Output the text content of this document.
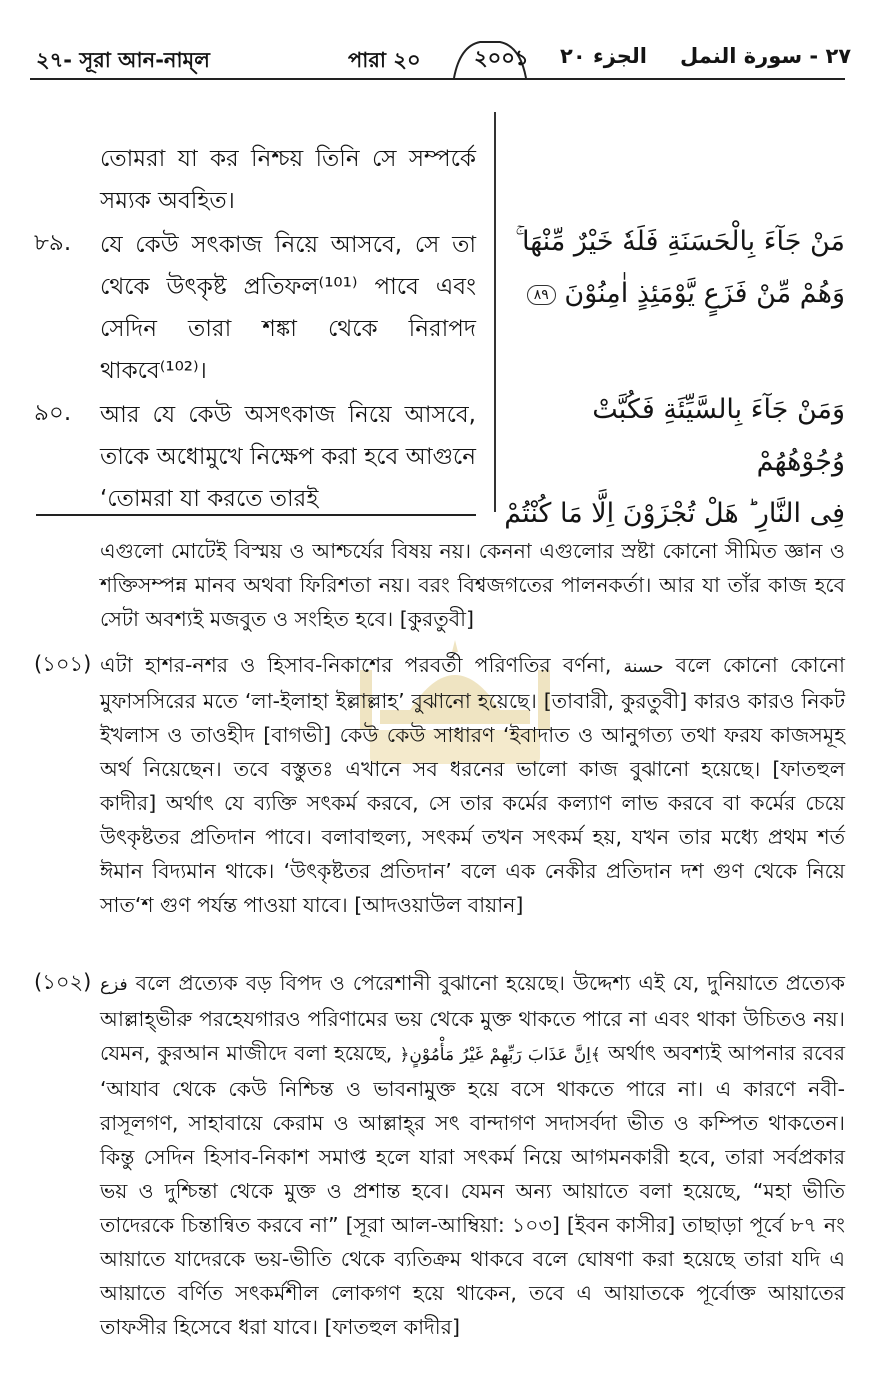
২৭- সূরা আন-নাম্‌ল	পারা ২০	২০০১ الجزء ٢٠ ٢٧ - سورة النمل
তোমরা যা কর নিশ্চয় তিনি সে সম্পর্কে সম্যক অবহিত।
৮৯. যে কেউ সৎকাজ নিয়ে আসবে, সে তা থেকে উৎকৃষ্ট প্রতিফল⁽¹⁰¹⁾ পাবে এবং সেদিন তারা শঙ্কা থেকে নিরাপদ থাকবে⁽¹⁰²⁾।
৯০. আর যে কেউ অসৎকাজ নিয়ে আসবে, তাকে অধোমুখে নিক্ষেপ করা হবে আগুনে ‘তোমরা যা করতে তারই
مَنْ جَآءَ بِالْحَسَنَةِ فَلَهٗ خَيْرٌ مِّنْهَا ۚ
وَهُمْ مِّنْ فَزَعٍ يَّوْمَئِذٍ اٰمِنُوْنَ ٨٩
وَمَنْ جَآءَ بِالسَّيِّئَةِ فَكُبَّتْ وُجُوْهُهُمْ
فِى النَّارِ ؕ هَلْ تُجْزَوْنَ اِلَّا مَا كُنْتُمْ
এগুলো মোটেই বিস্ময় ও আশ্চর্যের বিষয় নয়। কেননা এগুলোর স্রষ্টা কোনো সীমিত জ্ঞান ও শক্তিসম্পন্ন মানব অথবা ফিরিশতা নয়। বরং বিশ্বজগতের পালনকর্তা। আর যা তাঁর কাজ হবে সেটা অবশ্যই মজবুত ও সংহিত হবে। [কুরতুবী]
(১০১) এটা হাশর-নশর ও হিসাব-নিকাশের পরবর্তী পরিণতির বর্ণনা, حسنة বলে কোনো কোনো মুফাসসিরের মতে ‘লা-ইলাহা ইল্লাল্লাহ’ বুঝানো হয়েছে। [তাবারী, কুরতুবী] কারও কারও নিকট ইখলাস ও তাওহীদ [বাগভী] কেউ কেউ সাধারণ ‘ইবাদাত ও আনুগত্য তথা ফরয কাজসমূহ অর্থ নিয়েছেন। তবে বস্তুতঃ এখানে সব ধরনের ভালো কাজ বুঝানো হয়েছে। [ফাতহুল কাদীর] অর্থাৎ যে ব্যক্তি সৎকর্ম করবে, সে তার কর্মের কল্যাণ লাভ করবে বা কর্মের চেয়ে উৎকৃষ্টতর প্রতিদান পাবে। বলাবাহুল্য, সৎকর্ম তখন সৎকর্ম হয়, যখন তার মধ্যে প্রথম শর্ত ঈমান বিদ্যমান থাকে। ‘উৎকৃষ্টতর প্রতিদান’ বলে এক নেকীর প্রতিদান দশ গুণ থেকে নিয়ে সাত‘শ গুণ পর্যন্ত পাওয়া যাবে। [আদওয়াউল বায়ান]
(১০২) فزع বলে প্রত্যেক বড় বিপদ ও পেরেশানী বুঝানো হয়েছে। উদ্দেশ্য এই যে, দুনিয়াতে প্রত্যেক আল্লাহ্‌ভীরু পরহেযগারও পরিণামের ভয় থেকে মুক্ত থাকতে পারে না এবং থাকা উচিতও নয়। যেমন, কুরআন মাজীদে বলা হয়েছে, ﴿اِنَّ عَذَابَ رَبِّهِمْ غَيْرُ مَأْمُوْنٍ﴾ অর্থাৎ অবশ্যই আপনার রবের ‘আযাব থেকে কেউ নিশ্চিন্ত ও ভাবনামুক্ত হয়ে বসে থাকতে পারে না। এ কারণে নবী-রাসূলগণ, সাহাবায়ে কেরাম ও আল্লাহ্‌র সৎ বান্দাগণ সদাসর্বদা ভীত ও কম্পিত থাকতেন। কিন্তু সেদিন হিসাব-নিকাশ সমাপ্ত হলে যারা সৎকর্ম নিয়ে আগমনকারী হবে, তারা সর্বপ্রকার ভয় ও দুশ্চিন্তা থেকে মুক্ত ও প্রশান্ত হবে। যেমন অন্য আয়াতে বলা হয়েছে, “মহা ভীতি তাদেরকে চিন্তান্বিত করবে না” [সূরা আল-আম্বিয়া: ১০৩] [ইবন কাসীর] তাছাড়া পূর্বে ৮৭ নং আয়াতে যাদেরকে ভয়-ভীতি থেকে ব্যতিক্রম থাকবে বলে ঘোষণা করা হয়েছে তারা যদি এ আয়াতে বর্ণিত সৎকর্মশীল লোকগণ হয়ে থাকেন, তবে এ আয়াতকে পূর্বোক্ত আয়াতের তাফসীর হিসেবে ধরা যাবে। [ফাতহুল কাদীর]
